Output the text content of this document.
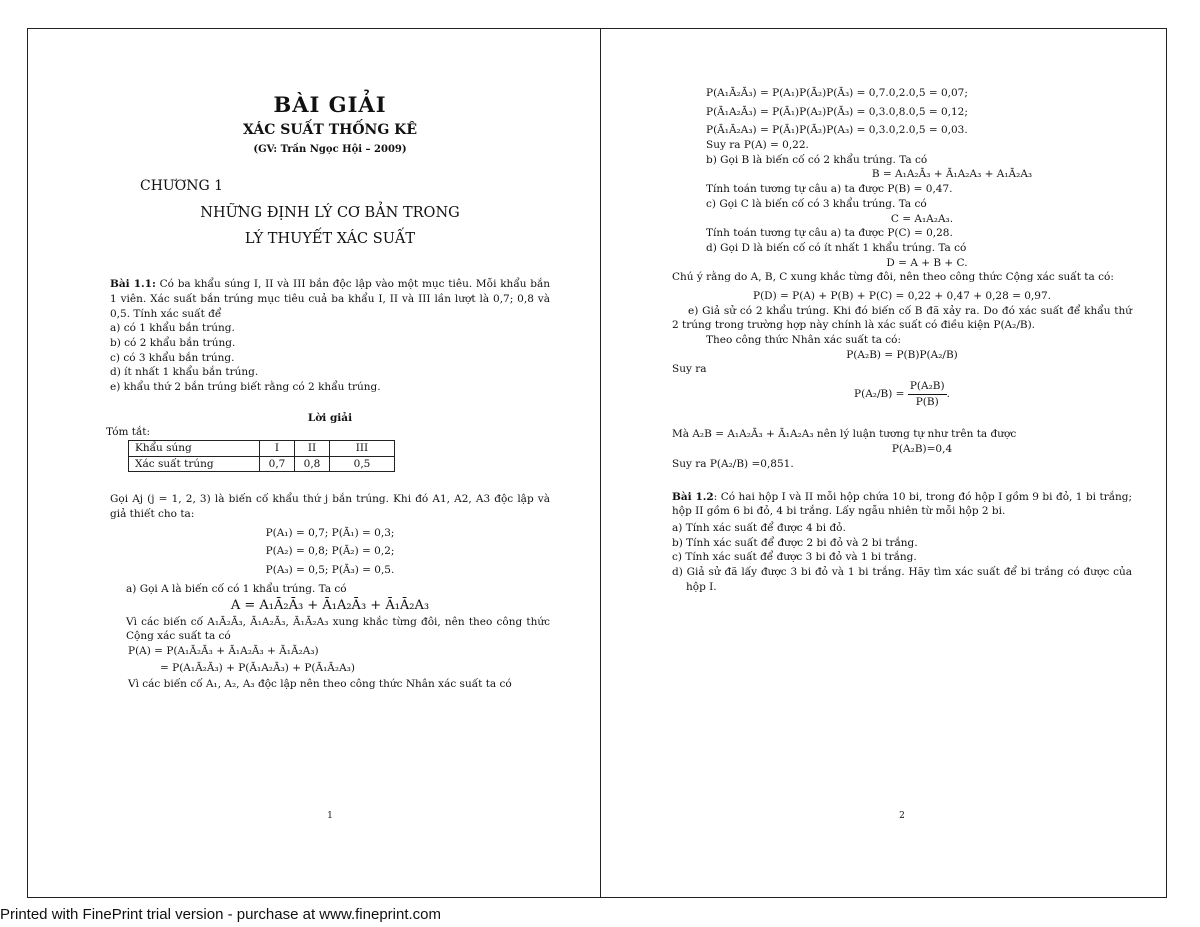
BÀI GIẢI
XÁC SUẤT THỐNG KÊ
(GV: Trần Ngọc Hội – 2009)
CHƯƠNG 1
NHỮNG ĐỊNH LÝ CƠ BẢN TRONG
LÝ THUYẾT XÁC SUẤT

Bài 1.1: Có ba khẩu súng I, II và III bắn độc lập vào một mục tiêu. Mỗi khẩu bắn 1 viên. Xác suất bắn trúng mục tiêu cuả ba khẩu I, II và III lần lượt là 0,7; 0,8 và 0,5. Tính xác suất để

a) có 1 khẩu bắn trúng.

b) có 2 khẩu bắn trúng.

c) có 3 khẩu bắn trúng.

d) ít nhất 1 khẩu bắn trúng.

e) khẩu thứ 2 bắn trúng biết rằng có 2 khẩu trúng.

Lời giải

Tóm tắt:

Khẩu súng	I	II	III
Xác suất trúng	0,7	0,8	0,5

Gọi Aj (j = 1, 2, 3) là biến cố khẩu thứ j bắn trúng. Khi đó A1, A2, A3 độc lập và giả thiết cho ta:

P(A₁) = 0,7; P(Ā₁) = 0,3;

P(A₂) = 0,8; P(Ā₂) = 0,2;

P(A₃) = 0,5; P(Ā₃) = 0,5.

a) Gọi A là biến cố có 1 khẩu trúng. Ta có

A = A₁Ā₂Ā₃ + Ā₁A₂Ā₃ + Ā₁Ā₂A₃

Vì các biến cố A₁Ā₂Ā₃, Ā₁A₂Ā₃, Ā₁Ā₂A₃ xung khắc từng đôi, nên theo công thức Cộng xác suất ta có

P(A) = P(A₁Ā₂Ā₃ + Ā₁A₂Ā₃ + Ā₁Ā₂A₃)

= P(A₁Ā₂Ā₃) + P(Ā₁A₂Ā₃) + P(Ā₁Ā₂A₃)

Vì các biến cố A₁, A₂, A₃ độc lập nên theo công thức Nhân xác suất ta có

1

P(A₁Ā₂Ā₃) = P(A₁)P(Ā₂)P(Ā₃) = 0,7.0,2.0,5 = 0,07;

P(Ā₁A₂Ā₃) = P(Ā₁)P(A₂)P(Ā₃) = 0,3.0,8.0,5 = 0,12;

P(Ā₁Ā₂A₃) = P(Ā₁)P(Ā₂)P(A₃) = 0,3.0,2.0,5 = 0,03.

Suy ra P(A) = 0,22.

b) Gọi B là biến cố có 2 khẩu trúng. Ta có

B = A₁A₂Ā₃ + Ā₁A₂A₃ + A₁Ā₂A₃

Tính toán tương tự câu a) ta được P(B) = 0,47.

c) Gọi C là biến cố có 3 khẩu trúng. Ta có

C = A₁A₂A₃.

Tính toán tương tự câu a) ta được P(C) = 0,28.

d) Gọi D là biến cố có ít nhất 1 khẩu trúng. Ta có

D = A + B + C.

Chú ý rằng do A, B, C xung khắc từng đôi, nên theo công thức Cộng xác suất ta có:

P(D) = P(A) + P(B) + P(C) = 0,22 + 0,47 + 0,28 = 0,97.

e) Giả sử có 2 khẩu trúng. Khi đó biến cố B đã xảy ra. Do đó xác suất để khẩu thứ 2 trúng trong trường hợp này chính là xác suất có điều kiện P(A₂/B).

Theo công thức Nhân xác suất ta có:

P(A₂B) = P(B)P(A₂/B)

Suy ra

$P(A_2/B) = \frac{\text{P(A₂B)}}{P(B)}$ .

Mà A₂B = A₁A₂Ā₃ + Ā₁A₂A₃ nên lý luận tương tự như trên ta được

P(A₂B)=0,4

Suy ra P(A₂/B) =0,851.

Bài 1.2: Có hai hộp I và II mỗi hộp chứa 10 bi, trong đó hộp I gồm 9 bi đỏ, 1 bi trắng; hộp II gồm 6 bi đỏ, 4 bi trắng. Lấy ngẫu nhiên từ mỗi hộp 2 bi.

a) Tính xác suất để được 4 bi đỏ.

b) Tính xác suất để được 2 bi đỏ và 2 bi trắng.

c) Tính xác suất để được 3 bi đỏ và 1 bi trắng.

d) Giả sử đã lấy được 3 bi đỏ và 1 bi trắng. Hãy tìm xác suất để bi trắng có được của hộp I.

2
Printed with FinePrint trial version - purchase at www.fineprint.com
